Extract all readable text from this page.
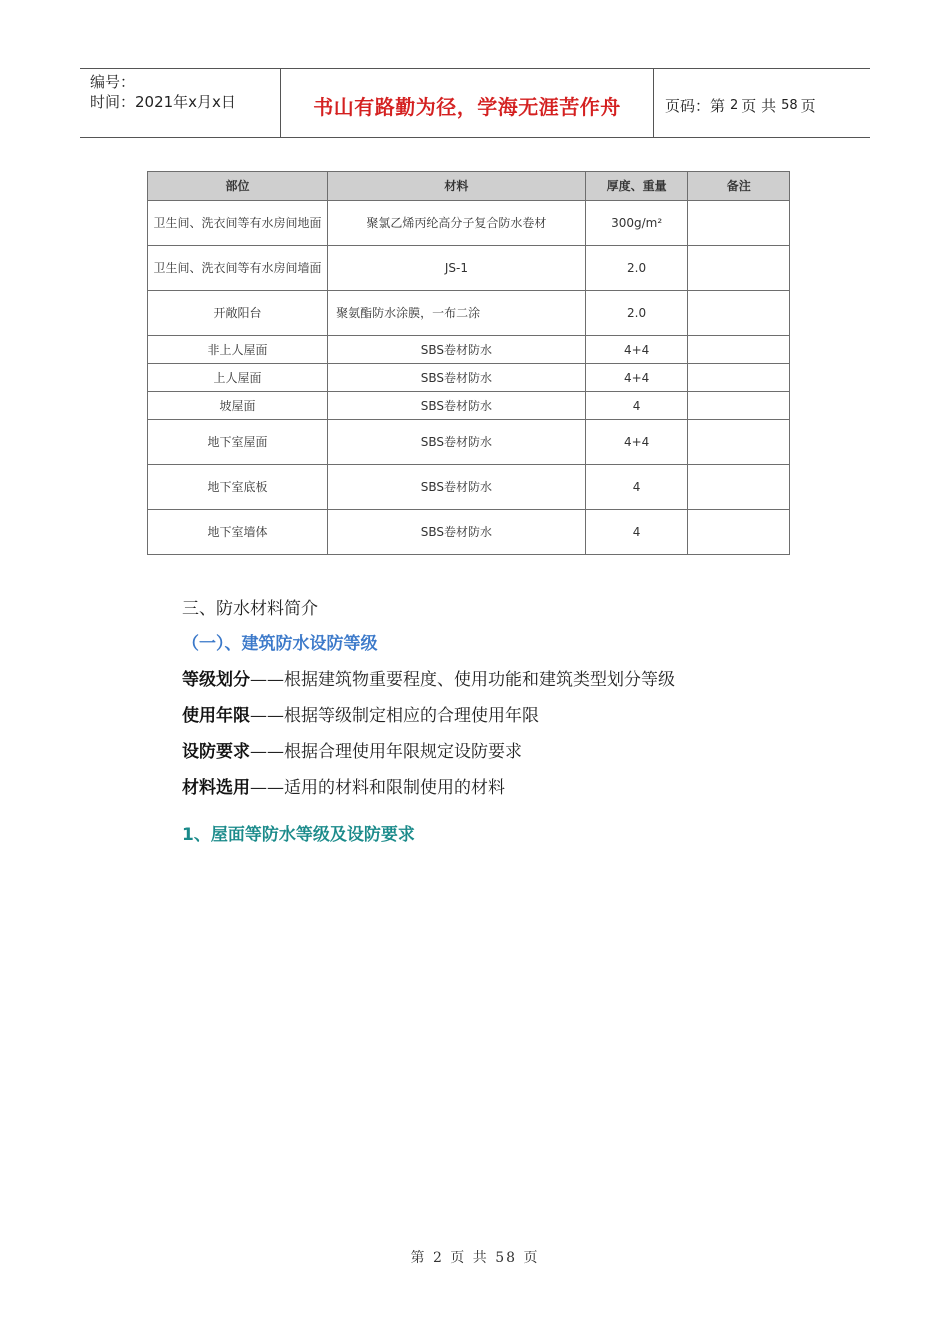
编号：
时间：2021年x月x日	书山有路勤为径，学海无涯苦作舟	页码：第 2 页 共 58 页
部位	材料	厚度、重量	备注
卫生间、洗衣间等有水房间地面	聚氯乙烯丙纶高分子复合防水卷材	300g/m²	
卫生间、洗衣间等有水房间墙面	JS-1	2.0	
开敞阳台	聚氨酯防水涂膜，一布二涂	2.0	
非上人屋面	SBS卷材防水	4+4	
上人屋面	SBS卷材防水	4+4	
坡屋面	SBS卷材防水	4	
地下室屋面	SBS卷材防水	4+4	
地下室底板	SBS卷材防水	4	
地下室墙体	SBS卷材防水	4	
三、防水材料简介
（一）、建筑防水设防等级
等级划分——根据建筑物重要程度、使用功能和建筑类型划分等级
使用年限——根据等级制定相应的合理使用年限
设防要求——根据合理使用年限规定设防要求
材料选用——适用的材料和限制使用的材料
1、屋面等防水等级及设防要求
第 2 页 共 58 页
